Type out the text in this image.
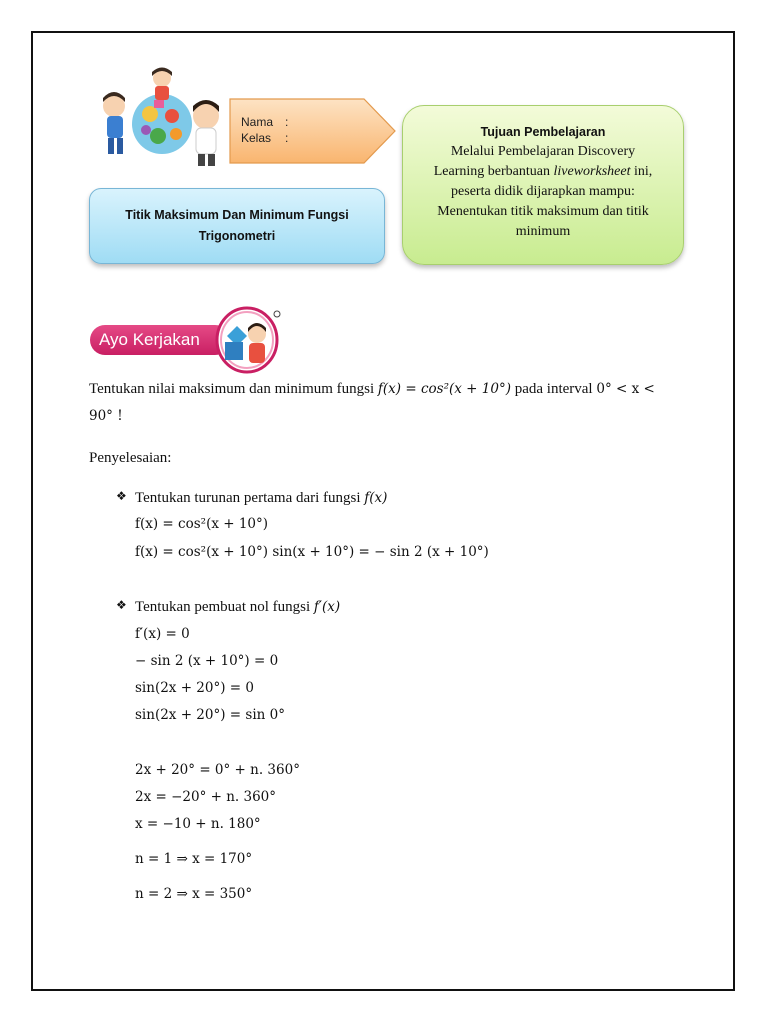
Nama :
Kelas :
Titik Maksimum Dan Minimum Fungsi Trigonometri
Tujuan Pembelajaran
Melalui Pembelajaran Discovery
Learning berbantuan liveworksheet ini,
peserta didik dijarapkan mampu:
Menentukan titik maksimum dan titik
minimum
Ayo Kerjakan
Tentukan nilai maksimum dan minimum fungsi f(x) = cos²(x + 10°) pada interval 0° < x <
90° !
Penyelesaian:
❖ Tentukan turunan pertama dari fungsi f(x)
f(x) = cos²(x + 10°)
f(x) = cos²(x + 10°) sin(x + 10°) = − sin 2 (x + 10°)
❖ Tentukan pembuat nol fungsi f′(x)
f′(x) = 0
− sin 2 (x + 10°) = 0
sin(2x + 20°) = 0
sin(2x + 20°) = sin 0°
2x + 20° = 0° + n. 360°
2x = −20° + n. 360°
x = −10 + n. 180°
n = 1 ⇒ x = 170°
n = 2 ⇒ x = 350°
